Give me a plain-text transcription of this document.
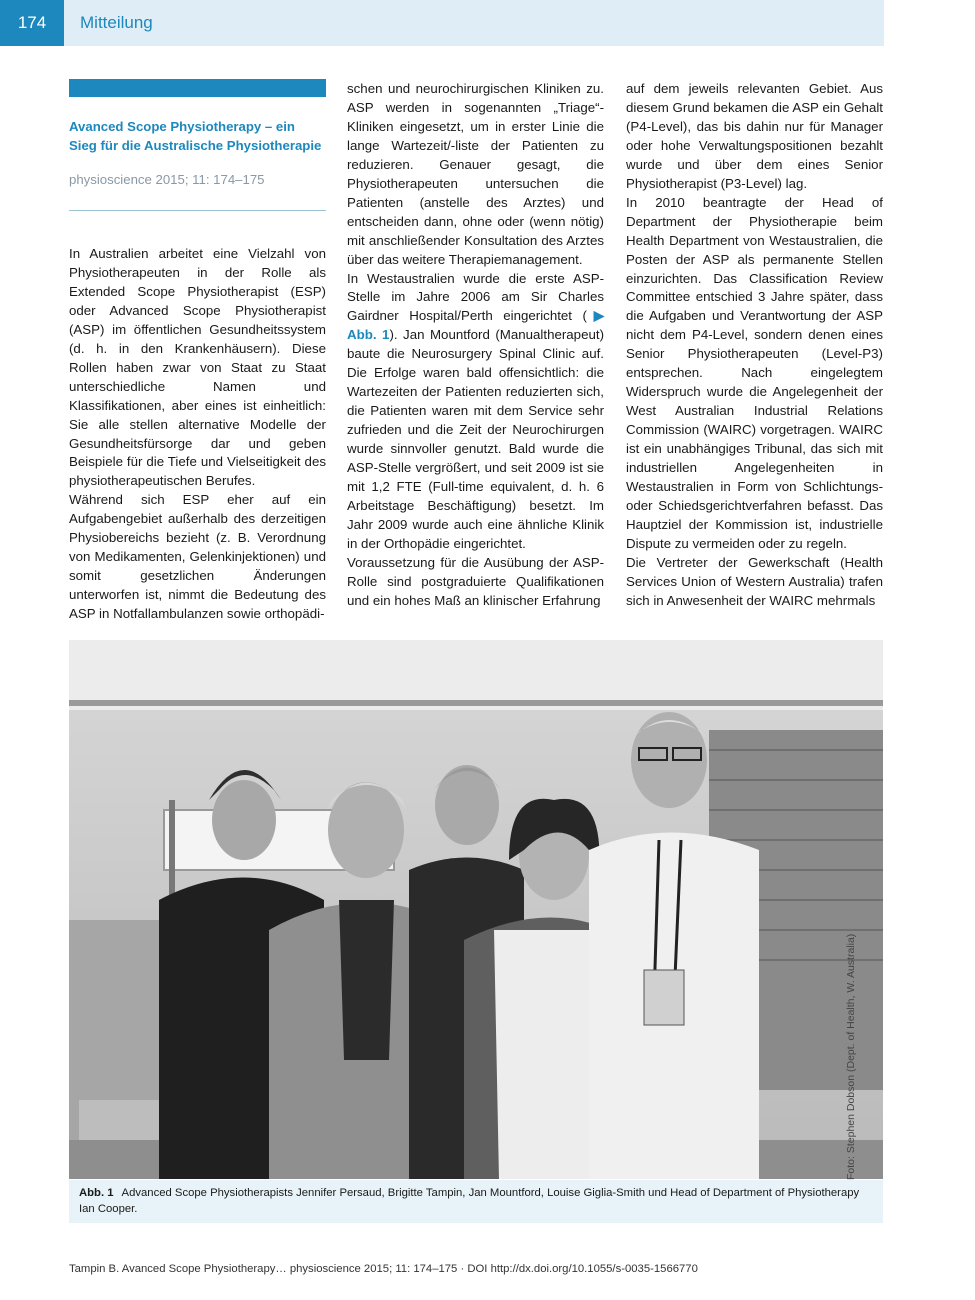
174	Mitteilung
Avanced Scope Physiotherapy – ein Sieg für die Australische Physiotherapie
physioscience 2015; 11: 174–175

In Australien arbeitet eine Vielzahl von Physiotherapeuten in der Rolle als Extended Scope Physiotherapist (ESP) oder Advanced Scope Physiotherapist (ASP) im öffentlichen Gesundheitssystem (d. h. in den Krankenhäusern). Diese Rollen haben zwar von Staat zu Staat unterschiedliche Namen und Klassifikationen, aber eines ist einheitlich: Sie alle stellen alternative Modelle der Gesundheitsfürsorge dar und geben Beispiele für die Tiefe und Vielseitigkeit des physiotherapeutischen Berufes.

Während sich ESP eher auf ein Aufgabengebiet außerhalb des derzeitigen Physiobereichs bezieht (z. B. Verordnung von Medikamenten, Gelenkinjektionen) und somit gesetzlichen Änderungen unterworfen ist, nimmt die Bedeutung des ASP in Notfallambulanzen sowie orthopädi-

schen und neurochirurgischen Kliniken zu. ASP werden in sogenannten „Triage“-Kliniken eingesetzt, um in erster Linie die lange Wartezeit/-liste der Patienten zu reduzieren. Genauer gesagt, die Physiotherapeuten untersuchen die Patienten (anstelle des Arztes) und entscheiden dann, ohne oder (wenn nötig) mit anschließender Konsultation des Arztes über das weitere Therapiemanagement.

In Westaustralien wurde die erste ASP-Stelle im Jahre 2006 am Sir Charles Gairdner Hospital/Perth eingerichtet (▶ Abb. 1). Jan Mountford (Manualtherapeut) baute die Neurosurgery Spinal Clinic auf. Die Erfolge waren bald offensichtlich: die Wartezeiten der Patienten reduzierten sich, die Patienten waren mit dem Service sehr zufrieden und die Zeit der Neurochirurgen wurde sinnvoller genutzt. Bald wurde die ASP-Stelle vergrößert, und seit 2009 ist sie mit 1,2 FTE (Full-time equivalent, d. h. 6 Arbeitstage Beschäftigung) besetzt. Im Jahr 2009 wurde auch eine ähnliche Klinik in der Orthopädie eingerichtet.

Voraussetzung für die Ausübung der ASP-Rolle sind postgraduierte Qualifikationen und ein hohes Maß an klinischer Erfahrung

auf dem jeweils relevanten Gebiet. Aus diesem Grund bekamen die ASP ein Gehalt (P4-Level), das bis dahin nur für Manager oder hohe Verwaltungspositionen bezahlt wurde und über dem eines Senior Physiotherapist (P3-Level) lag.

In 2010 beantragte der Head of Department der Physiotherapie beim Health Department von Westaustralien, die Posten der ASP als permanente Stellen einzurichten. Das Classification Review Committee entschied 3 Jahre später, dass die Aufgaben und Verantwortung der ASP nicht dem P4-Level, sondern denen eines Senior Physiotherapeuten (Level-P3) entsprechen. Nach eingelegtem Widerspruch wurde die Angelegenheit der West Australian Industrial Relations Commission (WAIRC) vorgetragen. WAIRC ist ein unabhängiges Tribunal, das sich mit industriellen Angelegenheiten in Westaustralien in Form von Schlichtungs- oder Schiedsgerichtverfahren befasst. Das Hauptziel der Kommission ist, industrielle Dispute zu vermeiden oder zu regeln.

Die Vertreter der Gewerkschaft (Health Services Union of Western Australia) trafen sich in Anwesenheit der WAIRC mehrmals

Foto: Stephen Dobson (Dept. of Health, W. Australia)
Abb. 1 Advanced Scope Physiotherapists Jennifer Persaud, Brigitte Tampin, Jan Mountford, Louise Giglia-Smith und Head of Department of Physiotherapy Ian Cooper.
Tampin B. Avanced Scope Physiotherapy… physioscience 2015; 11: 174–175 · DOI http://dx.doi.org/10.1055/s-0035-1566770
